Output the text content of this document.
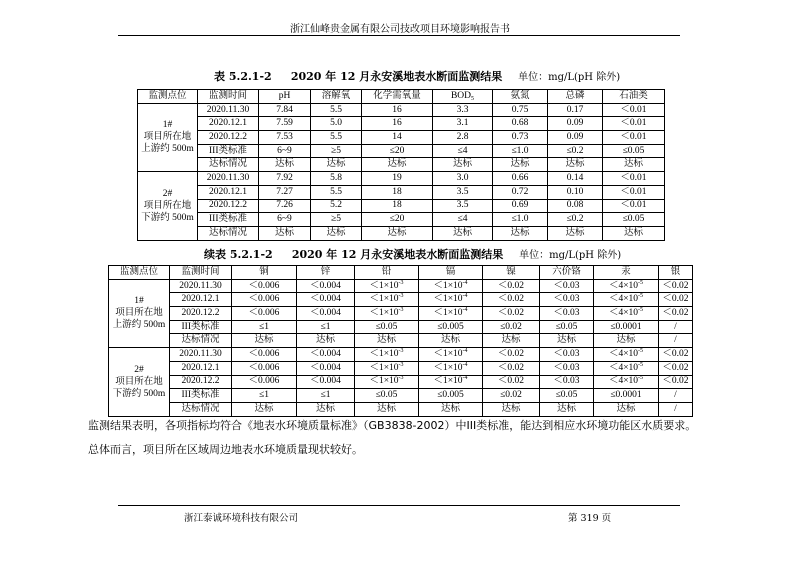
浙江仙峰贵金属有限公司技改项目环境影响报告书
表 5.2.1-2 2020 年 12 月永安溪地表水断面监测结果 单位：mg/L(pH 除外)
监测点位	监测时间	pH	溶解氧	化学需氧量	$BOD_5$	氨氮	总磷	石油类

1#
项目所在地
上游约 500m	2020.11.30	7.84	5.5	16	3.3	0.75	0.17	＜0.01
	2020.12.1	7.59	5.0	16	3.1	0.68	0.09	＜0.01
	2020.12.2	7.53	5.5	14	2.8	0.73	0.09	＜0.01
	III类标准	6~9	≥5	≤20	≤4	≤1.0	≤0.2	≤0.05
	达标情况	达标	达标	达标	达标	达标	达标	达标

2#
项目所在地
下游约 500m	2020.11.30	7.92	5.8	19	3.0	0.66	0.14	＜0.01
	2020.12.1	7.27	5.5	18	3.5	0.72	0.10	＜0.01
	2020.12.2	7.26	5.2	18	3.5	0.69	0.08	＜0.01
	III类标准	6~9	≥5	≤20	≤4	≤1.0	≤0.2	≤0.05
	达标情况	达标	达标	达标	达标	达标	达标	达标
续表 5.2.1-2 2020 年 12 月永安溪地表水断面监测结果 单位：mg/L(pH 除外)
监测点位	监测时间	铜	锌	铅	镉	镍	六价铬	汞	银

1#
项目所在地
上游约 500m	2020.11.30	＜0.006	＜0.004	$<1\times 10^{-3}$	$<1\times 10^{-4}$	＜0.02	＜0.03	$<4\times 10^{-5}$	＜0.02
	2020.12.1	＜0.006	＜0.004	$<1\times 10^{-3}$	$<1\times 10^{-4}$	＜0.02	＜0.03	$<4\times 10^{-5}$	＜0.02
	2020.12.2	＜0.006	＜0.004	$<1\times 10^{-3}$	$<1\times 10^{-4}$	＜0.02	＜0.03	$<4\times 10^{-5}$	＜0.02
	III类标准	≤1	≤1	≤0.05	≤0.005	≤0.02	≤0.05	≤0.0001	/
	达标情况	达标	达标	达标	达标	达标	达标	达标	/

2#
项目所在地
下游约 500m	2020.11.30	＜0.006	＜0.004	$<1\times 10^{-3}$	$<1\times 10^{-4}$	＜0.02	＜0.03	$<4\times 10^{-5}$	＜0.02
	2020.12.1	＜0.006	＜0.004	$<1\times 10^{-3}$	$<1\times 10^{-4}$	＜0.02	＜0.03	$<4\times 10^{-5}$	＜0.02
	2020.12.2	＜0.006	＜0.004	$<1\times 10^{-3}$	$<1\times 10^{-4}$	＜0.02	＜0.03	$<4\times 10^{-5}$	＜0.02
	III类标准	≤1	≤1	≤0.05	≤0.005	≤0.02	≤0.05	≤0.0001	/
	达标情况	达标	达标	达标	达标	达标	达标	达标	/
监测结果表明，各项指标均符合《地表水环境质量标准》（GB3838-2002）中III类标准，能达到相应水环境功能区水质要求。
总体而言，项目所在区域周边地表水环境质量现状较好。
浙江泰诚环境科技有限公司	第 319 页
